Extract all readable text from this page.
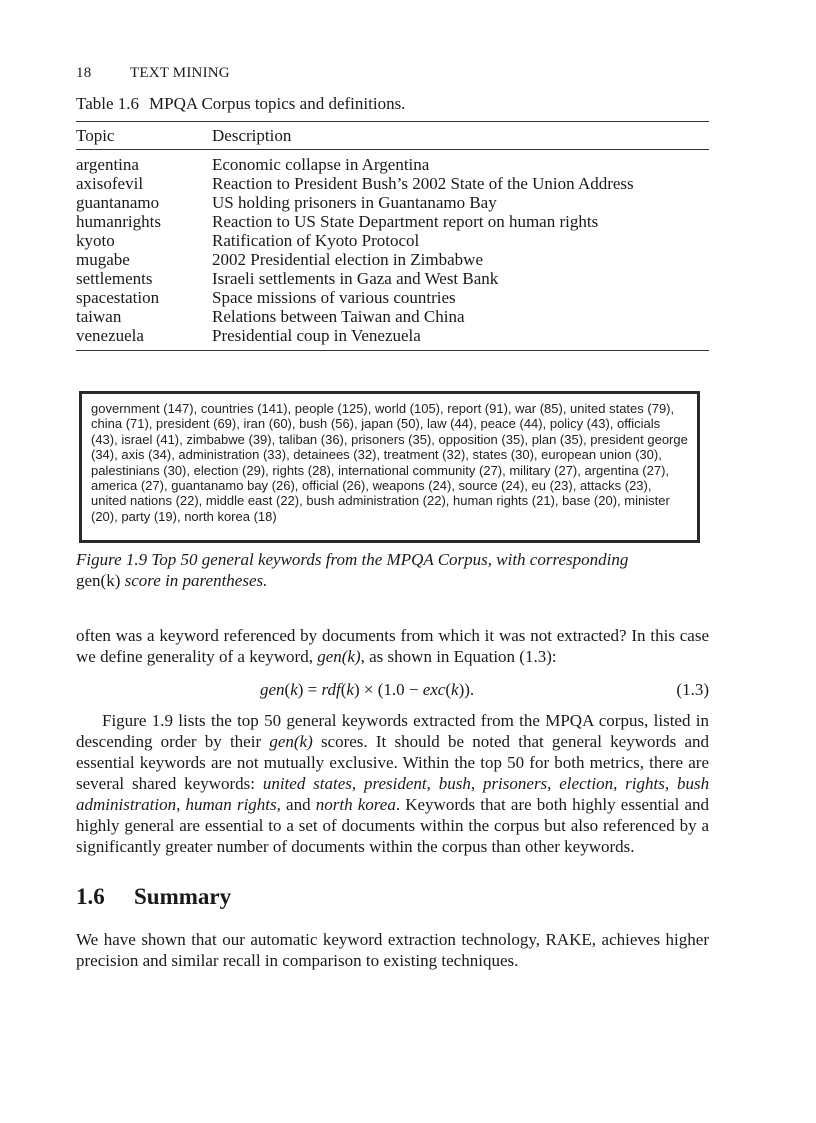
18	TEXT MINING
Table 1.6 MPQA Corpus topics and definitions.
Topic	Description
argentina	Economic collapse in Argentina
axisofevil	Reaction to President Bush’s 2002 State of the Union Address
guantanamo	US holding prisoners in Guantanamo Bay
humanrights	Reaction to US State Department report on human rights
kyoto	Ratification of Kyoto Protocol
mugabe	2002 Presidential election in Zimbabwe
settlements	Israeli settlements in Gaza and West Bank
spacestation	Space missions of various countries
taiwan	Relations between Taiwan and China
venezuela	Presidential coup in Venezuela
government (147), countries (141), people (125), world (105), report (91), war (85), united states (79), china (71), president (69), iran (60), bush (56), japan (50), law (44), peace (44), policy (43), officials (43), israel (41), zimbabwe (39), taliban (36), prisoners (35), opposition (35), plan (35), president george (34), axis (34), administration (33), detainees (32), treatment (32), states (30), european union (30), palestinians (30), election (29), rights (28), international community (27), military (27), argentina (27), america (27), guantanamo bay (26), official (26), weapons (24), source (24), eu (23), attacks (23), united nations (22), middle east (22), bush administration (22), human rights (21), base (20), minister (20), party (19), north korea (18)
Figure 1.9 Top 50 general keywords from the MPQA Corpus, with corresponding
gen(k) score in parentheses.

often was a keyword referenced by documents from which it was not extracted? In this case we define generality of a keyword, gen(k), as shown in Equation (1.3):

gen(k) = rdf(k) × (1.0 − exc(k)).	(1.3)

Figure 1.9 lists the top 50 general keywords extracted from the MPQA corpus, listed in descending order by their gen(k) scores. It should be noted that general keywords and essential keywords are not mutually exclusive. Within the top 50 for both metrics, there are several shared keywords: united states, president, bush, prisoners, election, rights, bush administration, human rights, and north korea. Keywords that are both highly essential and highly general are essential to a set of documents within the corpus but also referenced by a significantly greater number of documents within the corpus than other keywords.

1.6 Summary

We have shown that our automatic keyword extraction technology, RAKE, achieves higher precision and similar recall in comparison to existing techniques.
